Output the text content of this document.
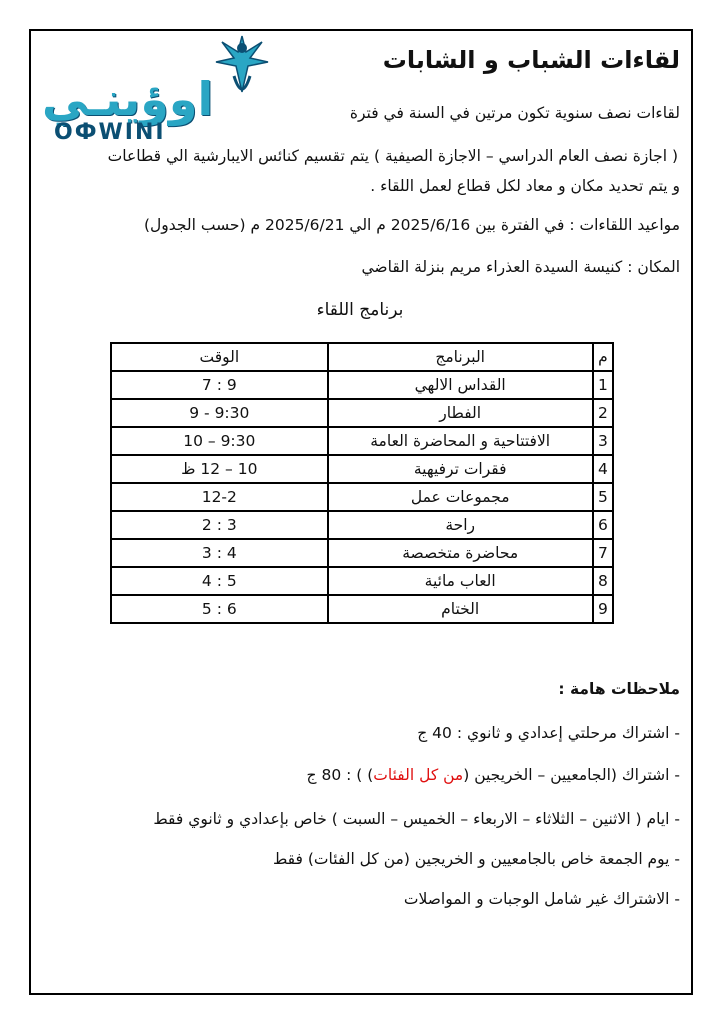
اوؤينـي
OФWINI
لقاءات الشباب و الشابات
لقاءات نصف سنوية تكون مرتين في السنة في فترة
( اجازة نصف العام الدراسي – الاجازة الصيفية ) يتم تقسيم كنائس الايبارشية الي قطاعات
و يتم تحديد مكان و معاد لكل قطاع لعمل اللقاء .
مواعيد اللقاءات : في الفترة بين 2025/6/16 م الي 2025/6/21 م (حسب الجدول)
المكان : كنيسة السيدة العذراء مريم بنزلة القاضي
برنامج اللقاء
م	البرنامج	الوقت
1	القداس الالهي	9 : 7
2	الفطار	9:30 - 9
3	الافتتاحية و المحاضرة العامة	9:30 – 10
4	فقرات ترفيهية	10 – 12 ظ
5	مجموعات عمل	12-2
6	راحة	3 : 2
7	محاضرة متخصصة	4 : 3
8	العاب مائية	5 : 4
9	الختام	6 : 5
ملاحظات هامة :
- اشتراك مرحلتي إعدادي و ثانوي : 40 ج
- اشتراك (الجامعيين – الخريجين (من كل الفئات) ) : 80 ج
- ايام ( الاثنين – الثلاثاء – الاربعاء – الخميس – السبت ) خاص بإعدادي و ثانوي فقط
- يوم الجمعة خاص بالجامعيين و الخريجين (من كل الفئات) فقط
- الاشتراك غير شامل الوجبات و المواصلات
